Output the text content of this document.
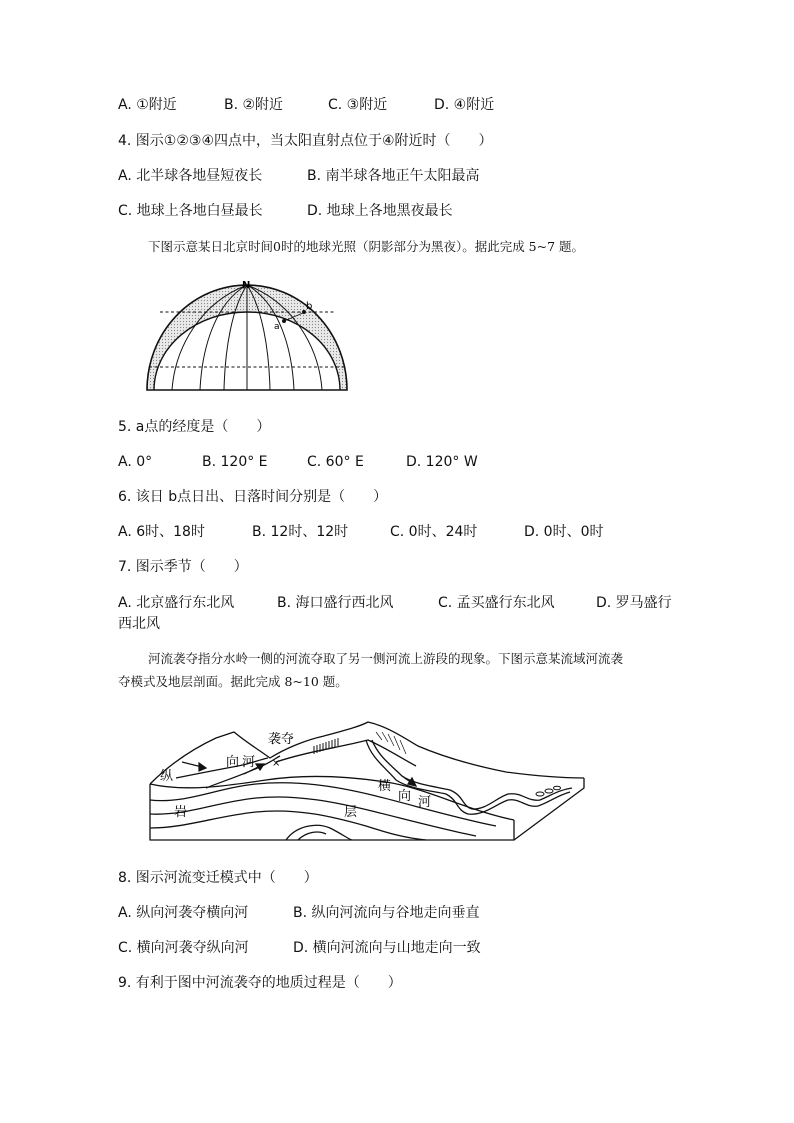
A. ①附近	B. ②附近	C. ③附近	D. ④附近
4. 图示①②③④四点中，当太阳直射点位于④附近时（　　）
A. 北半球各地昼短夜长	B. 南半球各地正午太阳最高
C. 地球上各地白昼最长	D. 地球上各地黑夜最长
下图示意某日北京时间0时的地球光照（阴影部分为黑夜）。据此完成 5~7 题。
N
a
b
5. a点的经度是（　　）
A. 0°	B. 120° E	C. 60° E	D. 120° W
6. 该日 b点日出、日落时间分别是（　　）
A. 6时、18时	B. 12时、12时	C. 0时、24时	D. 0时、0时
7. 图示季节（　　）
A. 北京盛行东北风	B. 海口盛行西北风	C. 孟买盛行东北风	D. 罗马盛行
西北风
河流袭夺指分水岭一侧的河流夺取了另一侧河流上游段的现象。下图示意某流域河流袭
夺模式及地层剖面。据此完成 8~10 题。
×
袭夺
纵
向 河
横
向 河
岩	层
8. 图示河流变迁模式中（　　）
A. 纵向河袭夺横向河	B. 纵向河流向与谷地走向垂直
C. 横向河袭夺纵向河	D. 横向河流向与山地走向一致
9. 有利于图中河流袭夺的地质过程是（　　）
